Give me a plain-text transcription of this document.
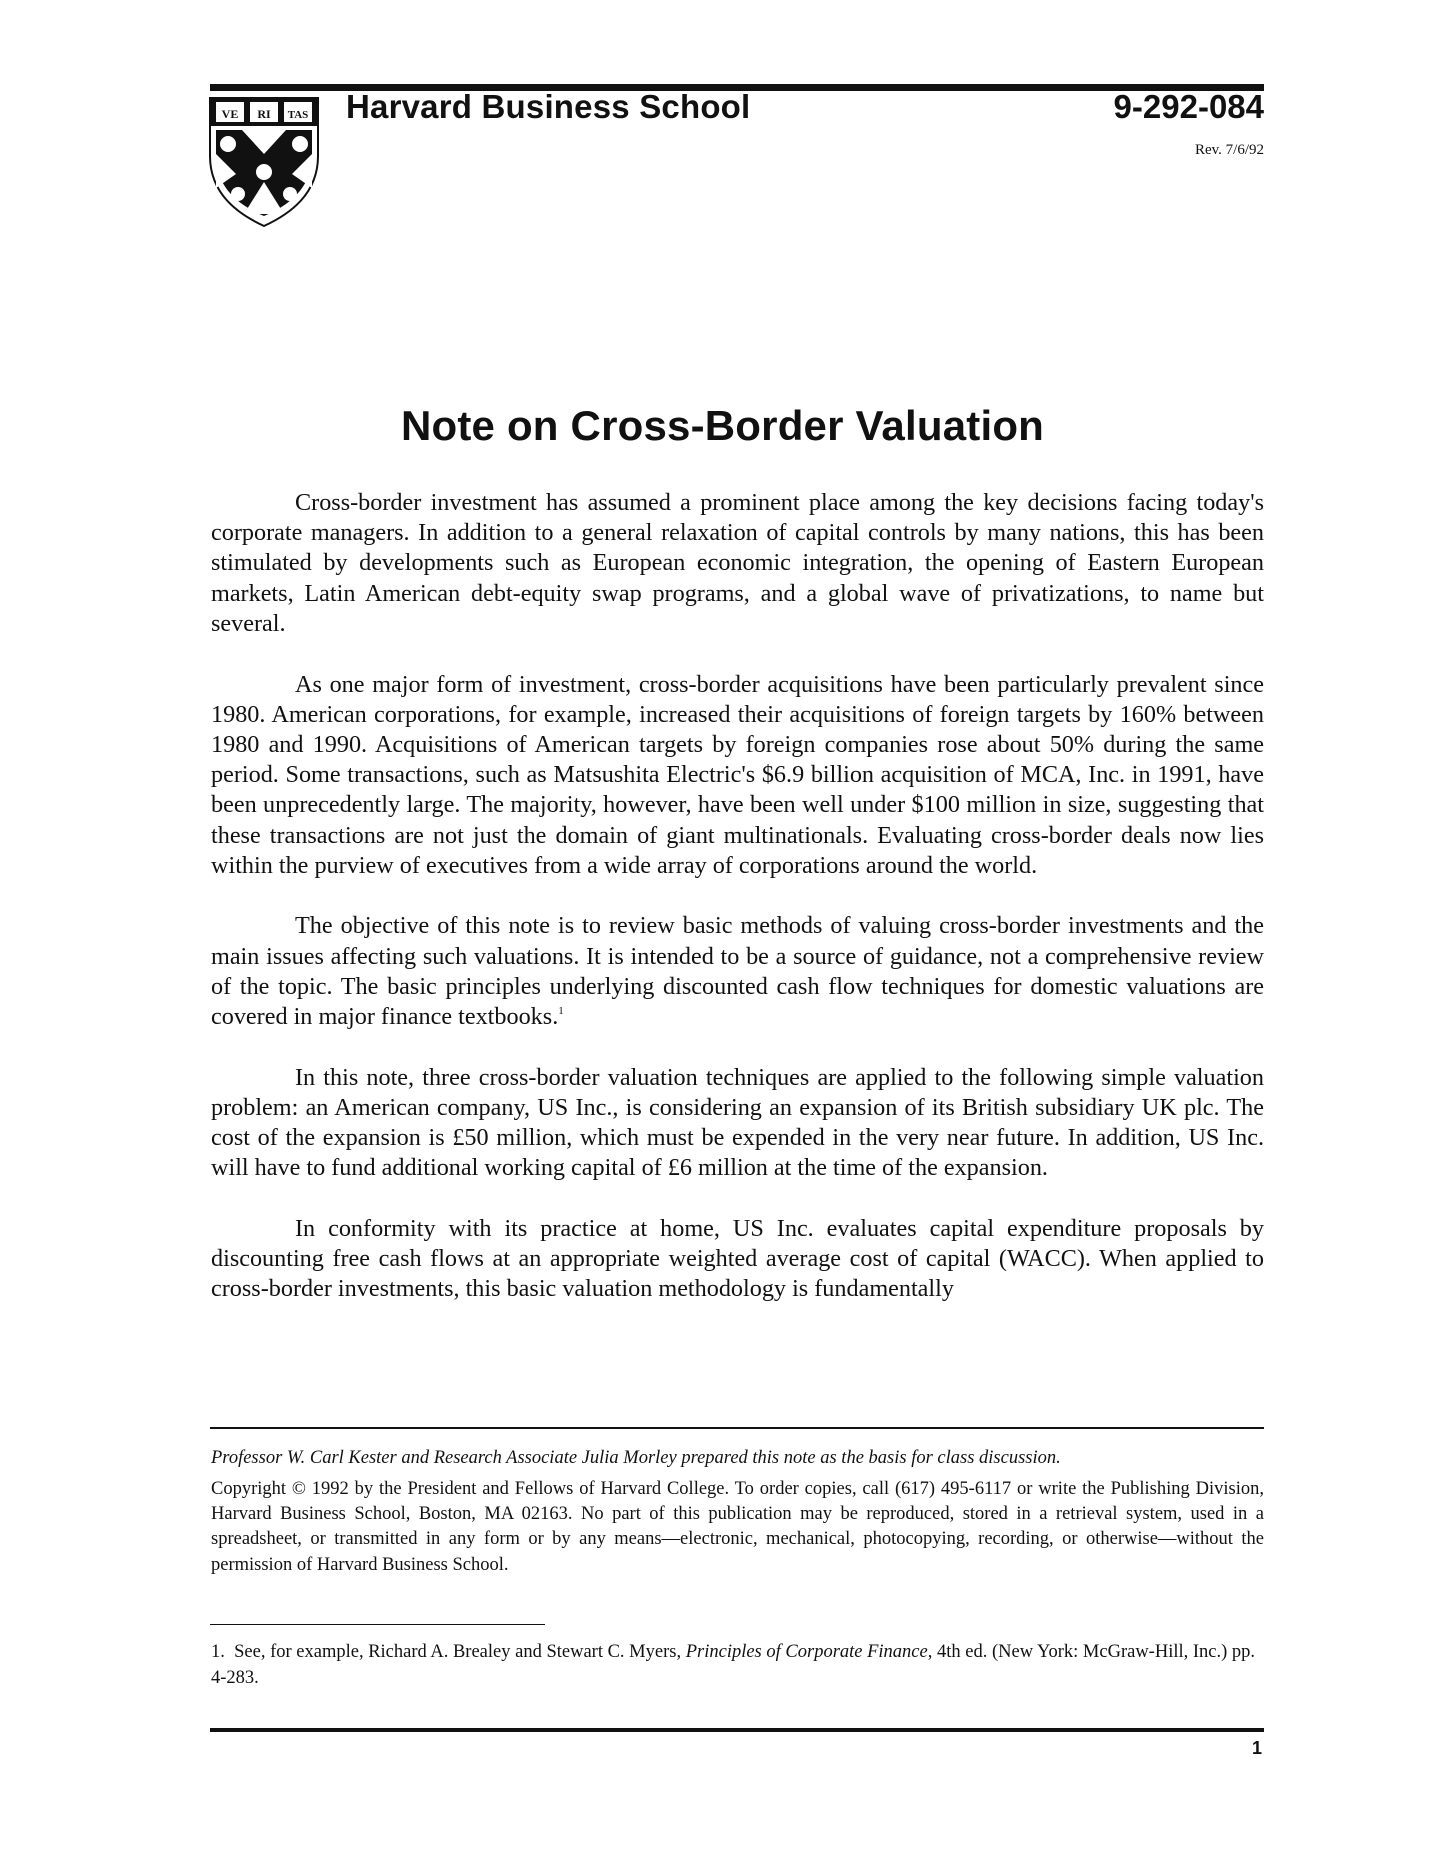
VE RI TAS Harvard Business School	9-292-084
Rev. 7/6/92
Note on Cross-Border Valuation

Cross-border investment has assumed a prominent place among the key decisions facing today's corporate managers. In addition to a general relaxation of capital controls by many nations, this has been stimulated by developments such as European economic integration, the opening of Eastern European markets, Latin American debt-equity swap programs, and a global wave of privatizations, to name but several.

As one major form of investment, cross-border acquisitions have been particularly prevalent since 1980. American corporations, for example, increased their acquisitions of foreign targets by 160% between 1980 and 1990. Acquisitions of American targets by foreign companies rose about 50% during the same period. Some transactions, such as Matsushita Electric's $6.9 billion acquisition of MCA, Inc. in 1991, have been unprecedently large. The majority, however, have been well under $100 million in size, suggesting that these transactions are not just the domain of giant multinationals. Evaluating cross-border deals now lies within the purview of executives from a wide array of corporations around the world.

The objective of this note is to review basic methods of valuing cross-border investments and the main issues affecting such valuations. It is intended to be a source of guidance, not a comprehensive review of the topic. The basic principles underlying discounted cash flow techniques for domestic valuations are covered in major finance textbooks.$^1$

In this note, three cross-border valuation techniques are applied to the following simple valuation problem: an American company, US Inc., is considering an expansion of its British subsidiary UK plc. The cost of the expansion is £50 million, which must be expended in the very near future. In addition, US Inc. will have to fund additional working capital of £6 million at the time of the expansion.

In conformity with its practice at home, US Inc. evaluates capital expenditure proposals by discounting free cash flows at an appropriate weighted average cost of capital (WACC). When applied to cross-border investments, this basic valuation methodology is fundamentally

Professor W. Carl Kester and Research Associate Julia Morley prepared this note as the basis for class discussion.

Copyright © 1992 by the President and Fellows of Harvard College. To order copies, call (617) 495-6117 or write the Publishing Division, Harvard Business School, Boston, MA 02163. No part of this publication may be reproduced, stored in a retrieval system, used in a spreadsheet, or transmitted in any form or by any means—electronic, mechanical, photocopying, recording, or otherwise—without the permission of Harvard Business School.

1. See, for example, Richard A. Brealey and Stewart C. Myers, Principles of Corporate Finance, 4th ed. (New York: McGraw-Hill, Inc.) pp. 4-283.

1
